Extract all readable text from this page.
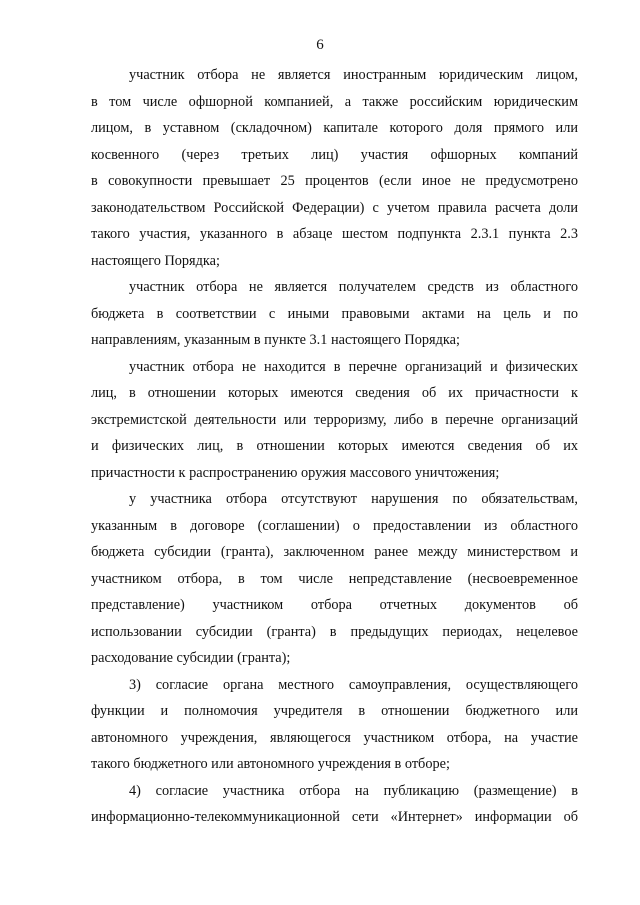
6

участник отбора не является иностранным юридическим лицом,
в том числе офшорной компанией, а также российским юридическим
лицом, в уставном (складочном) капитале которого доля прямого или
косвенного (через третьих лиц) участия офшорных компаний
в совокупности превышает 25 процентов (если иное не предусмотрено
законодательством Российской Федерации) с учетом правила расчета доли
такого участия, указанного в абзаце шестом подпункта 2.3.1 пункта 2.3
настоящего Порядка;

участник отбора не является получателем средств из областного
бюджета в соответствии с иными правовыми актами на цель и по
направлениям, указанным в пункте 3.1 настоящего Порядка;

участник отбора не находится в перечне организаций и физических
лиц, в отношении которых имеются сведения об их причастности к
экстремистской деятельности или терроризму, либо в перечне организаций
и физических лиц, в отношении которых имеются сведения об их
причастности к распространению оружия массового уничтожения;

у участника отбора отсутствуют нарушения по обязательствам,
указанным в договоре (соглашении) о предоставлении из областного
бюджета субсидии (гранта), заключенном ранее между министерством и
участником отбора, в том числе непредставление (несвоевременное
представление) участником отбора отчетных документов об
использовании субсидии (гранта) в предыдущих периодах, нецелевое
расходование субсидии (гранта);

3) согласие органа местного самоуправления, осуществляющего
функции и полномочия учредителя в отношении бюджетного или
автономного учреждения, являющегося участником отбора, на участие
такого бюджетного или автономного учреждения в отборе;

4) согласие участника отбора на публикацию (размещение) в
информационно-телекоммуникационной сети «Интернет» информации об
